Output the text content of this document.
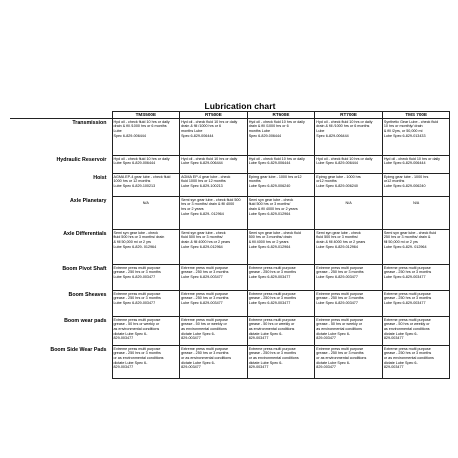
Lubrication chart
	TMS500E	RT500E	RT600E	RT700E	TMS 700E
Transmission	Hyd oil - check fluid 10 hrs or daily
drain & fill /1000 hrs or 6 months
Lube
Spec 6-829-006444	Hyd oil - check fluid 10 hrs or daily
drain & fill /1000 hrs or 6
months Lube
Spec 6-829-006444	Hyd oil - check fluid 10 hrs or daily
drain & fill /1000 hrs or 6
months Lube
Spec 6-829-006444	Hyd oil - check fluid 10 hrs or daily
drain & fill /1000 hrs or 6 months
Lube
Spec 6-829-006444	Synthetic Gear Lube - check fluid
10 hrs or monthly/ drain
& fill /2yrs, or 50,000 mi
Lube Spec 6-829-013433

Hydraulic Reservoir	Hyd oil - check fluid 10 hrs or daily
Lube Spec 6-829-006444	Hyd oil - check fluid 10 hrs or daily
Lube Spec 6-829-006444	Hyd oil - check fluid 10 hrs or daily
Lube Spec 6-829-006444	Hyd oil - check fluid 10 hrs or daily
Lube Spec 6-829-006444	Hyd oil - check fluid 10 hrs or daily
Lube Spec 6-829-006444

Hoist	AGMA EP-4 gear lube - check fluid
1000 hrs or 12 months
Lube Spec 6-829-100213	AGMA EP-4 gear lube - check
fluid 1000 hrs or 12 months
Lube Spec 6-829-100213	Epimg gear lube - 1000 hrs or12
months
Lube Spec 6-829-006240	Epimg gear lube - 1000 hrs
or12 months
Lube Spec 6-829-006240	Epimg gear lube - 1000 hrs
or12 months
Lube Spec 6-829-006240

Axle Planetary	N/A	Semi syn gear lube - check fluid 500
hrs or 3 months/ drain & fill 4000
hrs or 2 years
Lube Spec 6-829- 012964	Semi syn gear lube - check
fluid 500 hrs or 3 months/
drain & fill 4000 hrs or 2 years
Lube Spec 6-829-012964	N/A	N/A

Axle Differentials	Semi syn gear lube - check
fluid 500 hrs or 3 months/ drain
& fill 50,000 mi or 2 yrs
Lube Spec 6-829- 012964	Semi syn gear lube - check
fluid 500 hrs or 3 months/
drain & fill 4000 hrs or 2 years
Lube Spec 6-829-012964	Semi syn gear lube - check fluid
500 hrs or 3 months/ drain
& fill 4000 hrs or 2 years
Lube Spec 6-829-012964	Semi syn gear lube - check
fluid 500 hrs or 3 months/
drain & fill 4000 hrs or 2 years
Lube Spec 6-829-012964	Semi syn gear lube - check fluid
250 hrs or 3 months/ drain &
fill 50,000 mi or 2 yrs
Lube Spec 6-829- 012964

Boom Pivot Shaft	Extreme press multi purpose
grease - 250 hrs or 3 months
Lube Spec 6-829-003477	Extreme press multi purpose
grease - 250 hrs or 3 months
Lube Spec 6-829-003477	Extreme press multi purpose
grease - 250 hrs or 3 months
Lube Spec 6-829-003477	Extreme press multi purpose
grease - 250 hrs or 3 months
Lube Spec 6-829-003477	Extreme press multi purpose
grease - 250 hrs or 3 months
Lube Spec 6-829-003477

Boom Sheaves	Extreme press multi purpose
grease - 250 hrs or 3 months
Lube Spec 6-829-003477	Extreme press multi purpose
grease - 250 hrs or 3 months
Lube Spec 6-829-003477	Extreme press multi purpose
grease - 250 hrs or 3 months
Lube Spec 6-829-003477	Extreme press multi purpose
grease - 250 hrs or 3 months
Lube Spec 6-829-003477	Extreme press multi purpose
grease - 250 hrs or 3 months
Lube Spec 6-829-003477

Boom wear pads	Extreme press multi purpose
grease - 50 hrs or weekly or
as environmental conditions
dictate Lube Spec 6-
829-003477	Extreme press multi purpose
grease - 50 hrs or weekly or
as environmental conditions
dictate Lube Spec 6-
829-003477	Extreme press multi purpose
grease - 50 hrs or weekly or
as environmental conditions
dictate Lube Spec 6-
829-003477	Extreme press multi purpose
grease - 50 hrs or weekly or
as environmental conditions
dictate Lube Spec 6-
829-003477	Extreme press multi purpose
grease - 50 hrs or weekly or
as environmental conditions
dictate Lube Spec 6-
829-003477

Boom Side Wear Pads	Extreme press multi purpose
grease - 250 hrs or 3 months
or as environmental conditions
dictate Lube Spec 6-
829-003477	Extreme press multi purpose
grease - 250 hrs or 3 months
or as environmental conditions
dictate Lube Spec 6-
829-003477	Extreme press multi purpose
grease - 250 hrs or 3 months
or as environmental conditions
dictate Lube Spec 6-
829-003477	Extreme press multi purpose
grease - 250 hrs or 3 months
or as environmental conditions
dictate Lube Spec 6-
829-003477	Extreme press multi purpose
grease - 250 hrs or 3 months
or as environmental conditions
dictate Lube Spec 6-
829-003477
